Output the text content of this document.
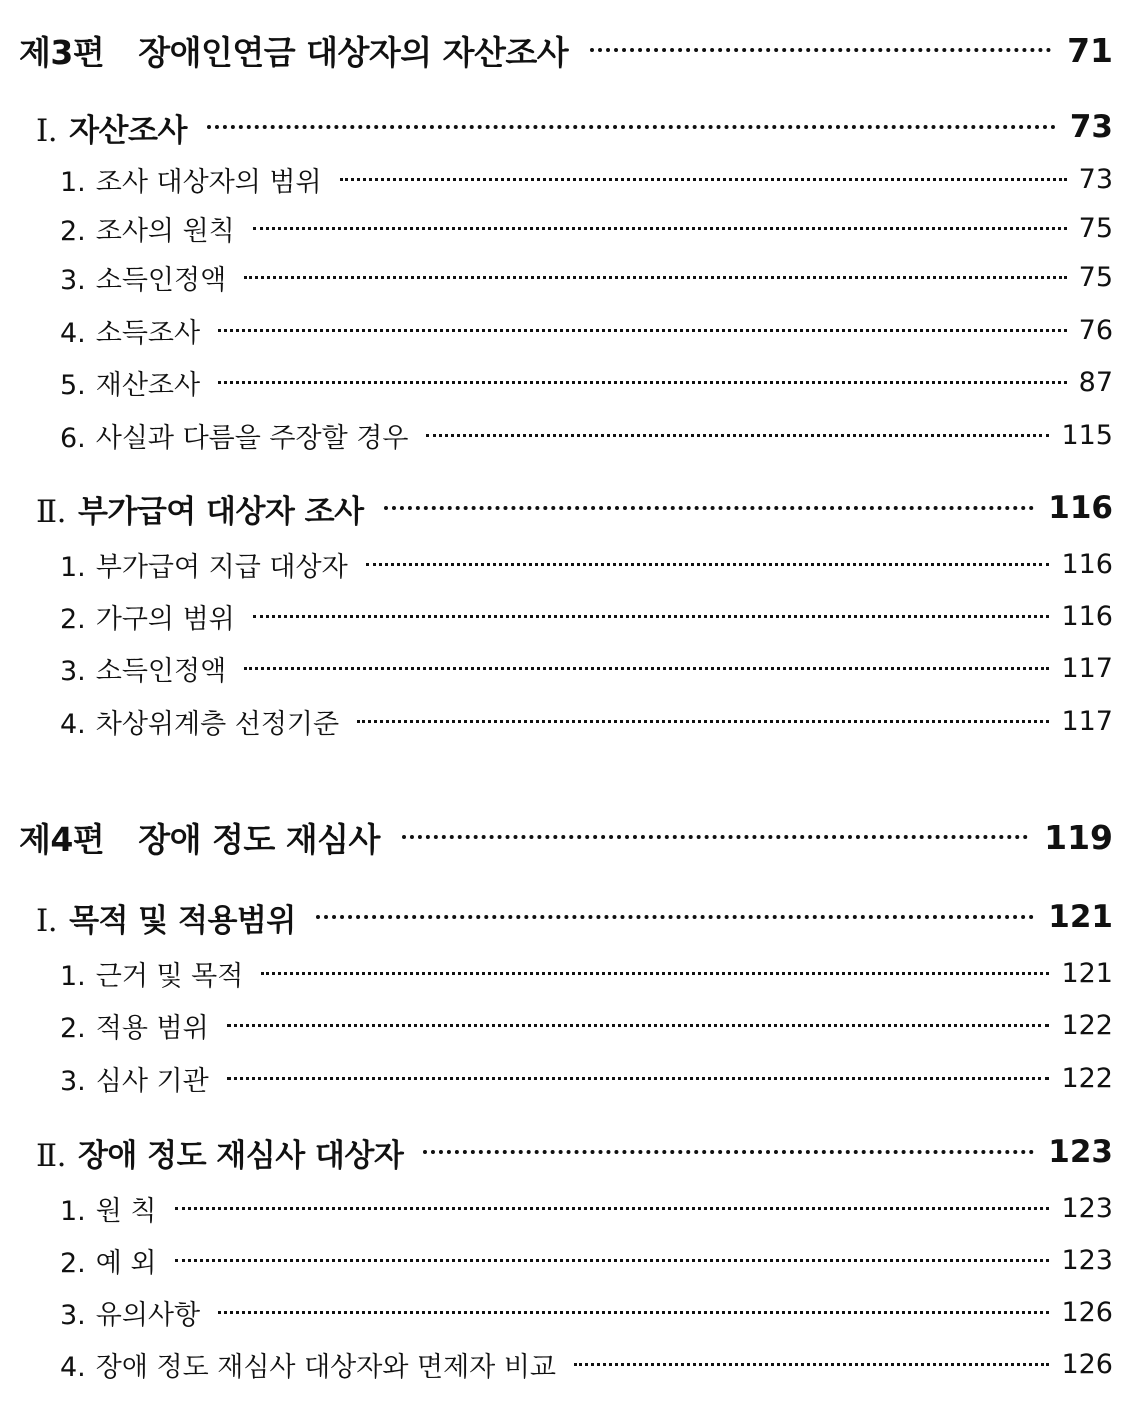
제3편 장애인연금 대상자의 자산조사	71
Ⅰ. 자산조사	73
1. 조사 대상자의 범위	73
2. 조사의 원칙	75
3. 소득인정액	75
4. 소득조사	76
5. 재산조사	87
6. 사실과 다름을 주장할 경우	115
Ⅱ. 부가급여 대상자 조사	116
1. 부가급여 지급 대상자	116
2. 가구의 범위	116
3. 소득인정액	117
4. 차상위계층 선정기준	117
제4편 장애 정도 재심사	119
Ⅰ. 목적 및 적용범위	121
1. 근거 및 목적	121
2. 적용 범위	122
3. 심사 기관	122
Ⅱ. 장애 정도 재심사 대상자	123
1. 원 칙	123
2. 예 외	123
3. 유의사항	126
4. 장애 정도 재심사 대상자와 면제자 비교	126
